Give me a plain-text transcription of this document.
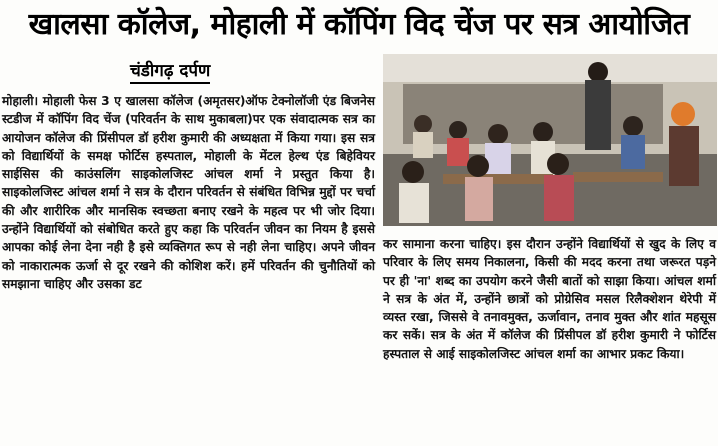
खालसा कॉलेज, मोहाली में कॉपिंग विद चेंज पर सत्र आयोजित
चंडीगढ़ दर्पण
मोहाली। मोहाली फेस 3 ए खालसा कॉलेज (अमृतसर)ऑफ टेक्नोलॉजी एंड बिजनेस स्टडीज में कॉपिंग विद चेंज (परिवर्तन के साथ मुकाबला)पर एक संवादात्मक सत्र का आयोजन कॉलेज की प्रिंसीपल डॉ हरीश कुमारी की अध्यक्षता में किया गया। इस सत्र को विद्यार्थियों के समक्ष फोर्टिस हस्पताल, मोहाली के मेंटल हेल्थ एंड बिहेवियर साईसिस की काउंसलिंग साइकोलजिस्ट आंचल शर्मा ने प्रस्तुत किया है। साइकोलजिस्ट आंचल शर्मा ने सत्र के दौरान परिवर्तन से संबंधित विभिन्न मुद्दों पर चर्चा की और शारीरिक और मानसिक स्वच्छता बनाए रखने के महत्व पर भी जोर दिया। उन्होंने विद्यार्थियों को संबोधित करते हुए कहा कि परिवर्तन जीवन का नियम है इससे आपका कोई लेना देना नही है इसे व्यक्तिगत रूप से नही लेना चाहिए। अपने जीवन को नाकारात्मक ऊर्जा से दूर रखने की कोशिश करें। हमें परिवर्तन की चुनौतियों को समझाना चाहिए और उसका डट
कर सामाना करना चाहिए। इस दौरान उन्होंने विद्यार्थियों से खुद के लिए व परिवार के लिए समय निकालना, किसी की मदद करना तथा जरूरत पड़ने पर ही 'ना' शब्द का उपयोग करने जैसी बातों को साझा किया। आंचल शर्मा ने सत्र के अंत में, उन्होंने छात्रों को प्रोग्रेसिव मसल रिलैक्शेशन थेरेपी में व्यस्त रखा, जिससे वे तनावमुक्त, ऊर्जावान, तनाव मुक्त और शांत महसूस कर सकें। सत्र के अंत में कॉलेज की प्रिंसीपल डॉ हरीश कुमारी ने फोर्टिस हस्पताल से आई साइकोलजिस्ट आंचल शर्मा का आभार प्रकट किया।
